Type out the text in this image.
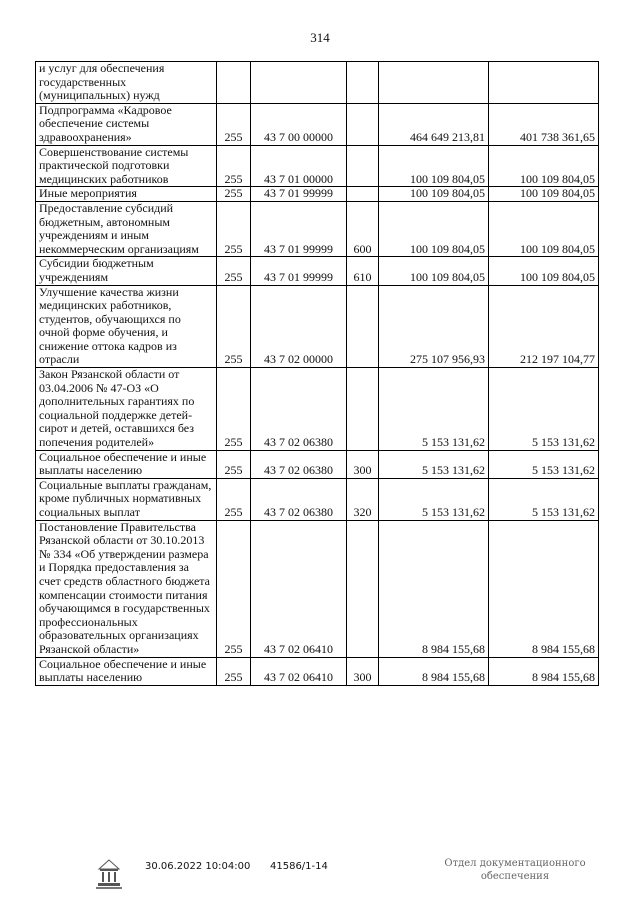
314
и услуг для обеспечения государственных (муниципальных) нужд					
Подпрограмма «Кадровое обеспечение системы здравоохранения»	255	43 7 00 00000		464 649 213,81	401 738 361,65
Совершенствование системы практической подготовки медицинских работников	255	43 7 01 00000		100 109 804,05	100 109 804,05
Иные мероприятия	255	43 7 01 99999		100 109 804,05	100 109 804,05
Предоставление субсидий бюджетным, автономным учреждениям и иным некоммерческим организациям	255	43 7 01 99999	600	100 109 804,05	100 109 804,05
Субсидии бюджетным учреждениям	255	43 7 01 99999	610	100 109 804,05	100 109 804,05
Улучшение качества жизни медицинских работников, студентов, обучающихся по очной форме обучения, и снижение оттока кадров из отрасли	255	43 7 02 00000		275 107 956,93	212 197 104,77
Закон Рязанской области от 03.04.2006 № 47-ОЗ «О дополнительных гарантиях по социальной поддержке детей-сирот и детей, оставшихся без попечения родителей»	255	43 7 02 06380		5 153 131,62	5 153 131,62
Социальное обеспечение и иные выплаты населению	255	43 7 02 06380	300	5 153 131,62	5 153 131,62
Социальные выплаты гражданам, кроме публичных нормативных социальных выплат	255	43 7 02 06380	320	5 153 131,62	5 153 131,62
Постановление Правительства Рязанской области от 30.10.2013 № 334 «Об утверждении размера и Порядка предоставления за счет средств областного бюджета компенсации стоимости питания обучающимся в государственных профессиональных образовательных организациях Рязанской области»	255	43 7 02 06410		8 984 155,68	8 984 155,68
Социальное обеспечение и иные выплаты населению	255	43 7 02 06410	300	8 984 155,68	8 984 155,68
30.06.2022 10:04:00 41586/1-14	Отдел документационного обеспечения
